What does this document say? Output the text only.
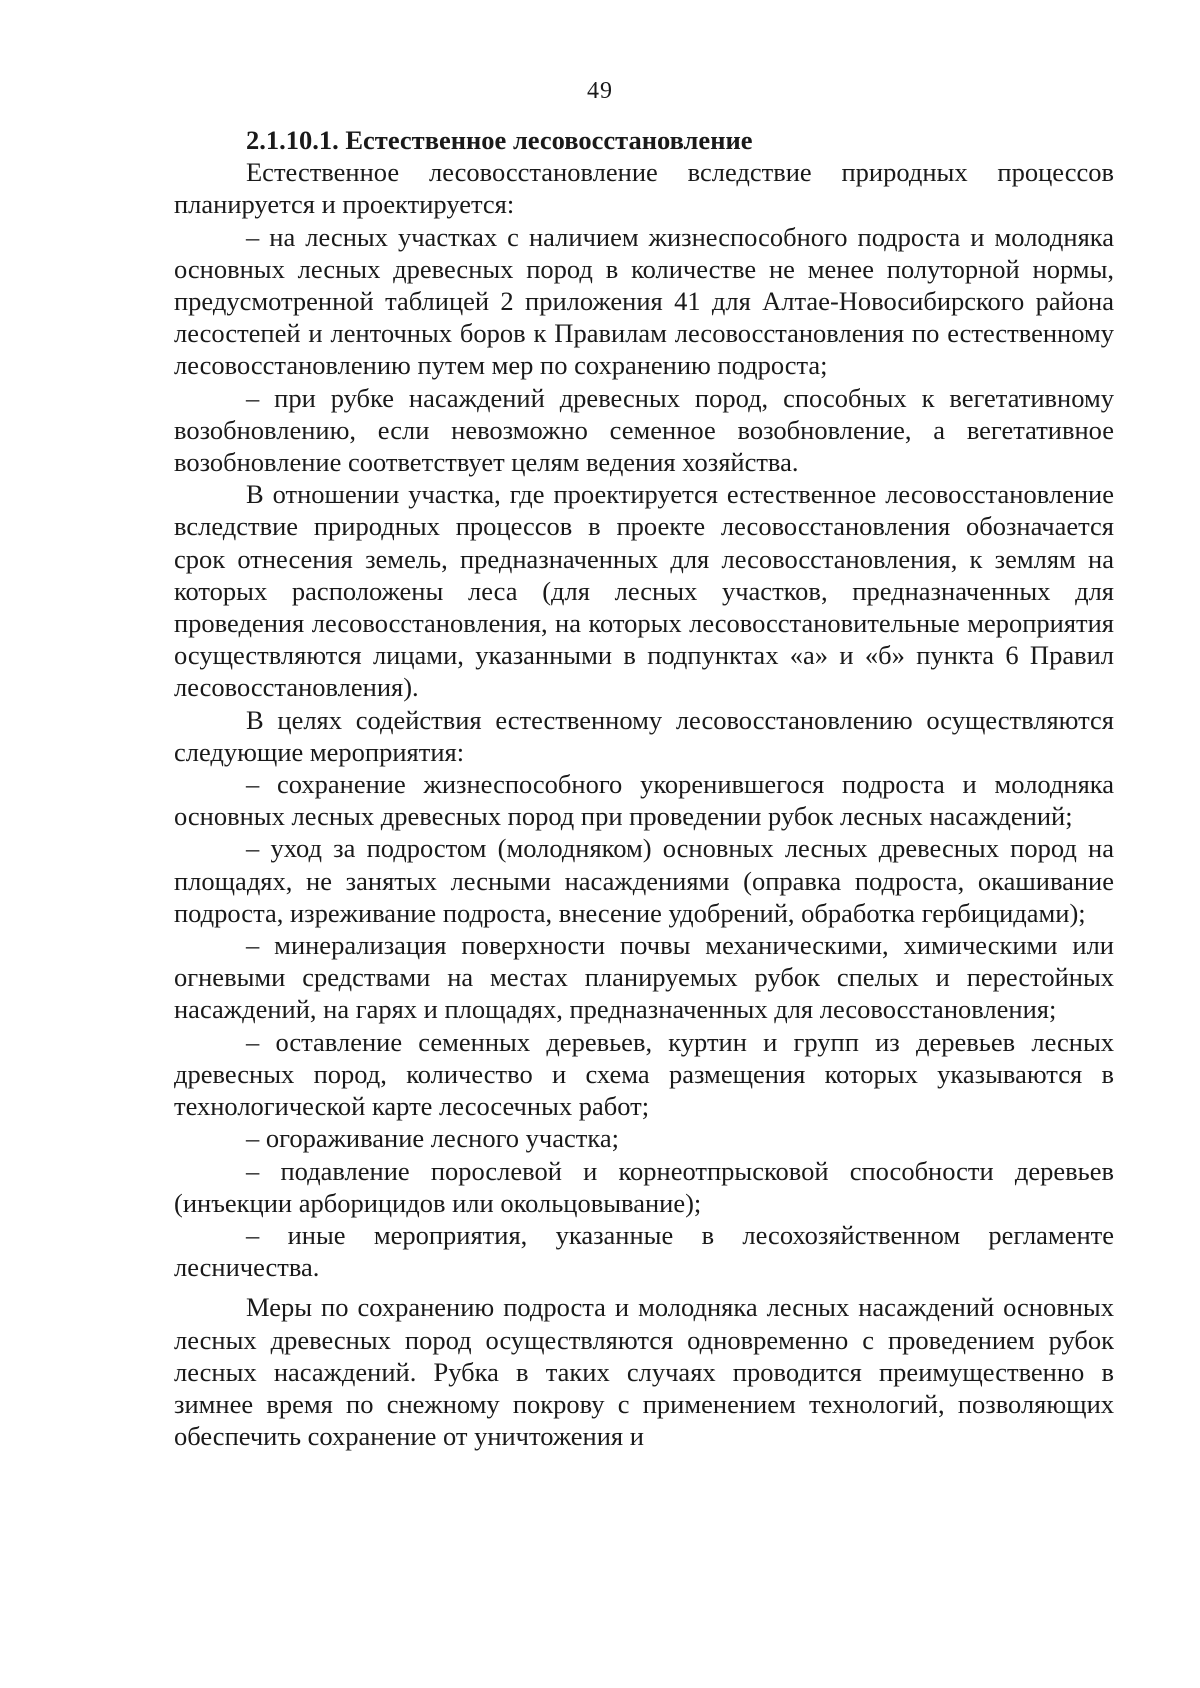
49

2.1.10.1. Естественное лесовосстановление

Естественное лесовосстановление вследствие природных процессов планируется и проектируется:

– на лесных участках с наличием жизнеспособного подроста и молодняка основных лесных древесных пород в количестве не менее полуторной нормы, предусмотренной таблицей 2 приложения 41 для Алтае-Новосибирского района лесостепей и ленточных боров к Правилам лесовосстановления по естественному лесовосстановлению путем мер по сохранению подроста;

– при рубке насаждений древесных пород, способных к вегетативному возобновлению, если невозможно семенное возобновление, а вегетативное возобновление соответствует целям ведения хозяйства.

В отношении участка, где проектируется естественное лесовосстановление вследствие природных процессов в проекте лесовосстановления обозначается срок отнесения земель, предназначенных для лесовосстановления, к землям на которых расположены леса (для лесных участков, предназначенных для проведения лесовосстановления, на которых лесовосстановительные мероприятия осуществляются лицами, указанными в подпунктах «а» и «б» пункта 6 Правил лесовосстановления).

В целях содействия естественному лесовосстановлению осуществляются следующие мероприятия:

– сохранение жизнеспособного укоренившегося подроста и молодняка основных лесных древесных пород при проведении рубок лесных насаждений;

– уход за подростом (молодняком) основных лесных древесных пород на площадях, не занятых лесными насаждениями (оправка подроста, окашивание подроста, изреживание подроста, внесение удобрений, обработка гербицидами);

– минерализация поверхности почвы механическими, химическими или огневыми средствами на местах планируемых рубок спелых и перестойных насаждений, на гарях и площадях, предназначенных для лесовосстановления;

– оставление семенных деревьев, куртин и групп из деревьев лесных древесных пород, количество и схема размещения которых указываются в технологической карте лесосечных работ;

– огораживание лесного участка;

– подавление порослевой и корнеотпрысковой способности деревьев (инъекции арборицидов или окольцовывание);

– иные мероприятия, указанные в лесохозяйственном регламенте лесничества.

Меры по сохранению подроста и молодняка лесных насаждений основных лесных древесных пород осуществляются одновременно с проведением рубок лесных насаждений. Рубка в таких случаях проводится преимущественно в зимнее время по снежному покрову с применением технологий, позволяющих обеспечить сохранение от уничтожения и
